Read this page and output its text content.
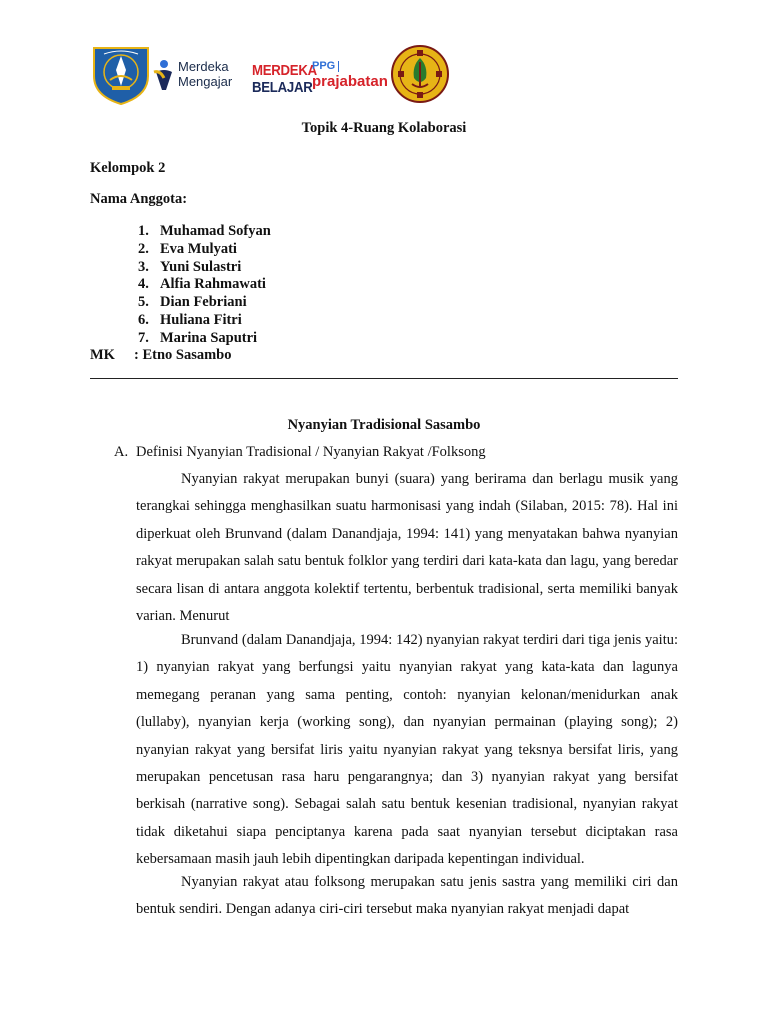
Merdeka
Mengajar
MERDEKA
BELAJAR
PPG
prajabatan
Topik 4-Ruang Kolaborasi
Kelompok 2
Nama Anggota:
1. Muhamad Sofyan
2. Eva Mulyati
3. Yuni Sulastri
4. Alfia Rahmawati
5. Dian Febriani
6. Huliana Fitri
7. Marina Saputri
MK : Etno Sasambo
Nyanyian Tradisional Sasambo
A. Definisi Nyanyian Tradisional / Nyanyian Rakyat /Folksong

Nyanyian rakyat merupakan bunyi (suara) yang berirama dan berlagu musik yang terangkai sehingga menghasilkan suatu harmonisasi yang indah (Silaban, 2015: 78). Hal ini diperkuat oleh Brunvand (dalam Danandjaja, 1994: 141) yang menyatakan bahwa nyanyian rakyat merupakan salah satu bentuk folklor yang terdiri dari kata-kata dan lagu, yang beredar secara lisan di antara anggota kolektif tertentu, berbentuk tradisional, serta memiliki banyak varian. Menurut

Brunvand (dalam Danandjaja, 1994: 142) nyanyian rakyat terdiri dari tiga jenis yaitu: 1) nyanyian rakyat yang berfungsi yaitu nyanyian rakyat yang kata-kata dan lagunya memegang peranan yang sama penting, contoh: nyanyian kelonan/menidurkan anak (lullaby), nyanyian kerja (working song), dan nyanyian permainan (playing song); 2) nyanyian rakyat yang bersifat liris yaitu nyanyian rakyat yang teksnya bersifat liris, yang merupakan pencetusan rasa haru pengarangnya; dan 3) nyanyian rakyat yang bersifat berkisah (narrative song). Sebagai salah satu bentuk kesenian tradisional, nyanyian rakyat tidak diketahui siapa penciptanya karena pada saat nyanyian tersebut diciptakan rasa kebersamaan masih jauh lebih dipentingkan daripada kepentingan individual.

Nyanyian rakyat atau folksong merupakan satu jenis sastra yang memiliki ciri dan bentuk sendiri. Dengan adanya ciri-ciri tersebut maka nyanyian rakyat menjadi dapat
